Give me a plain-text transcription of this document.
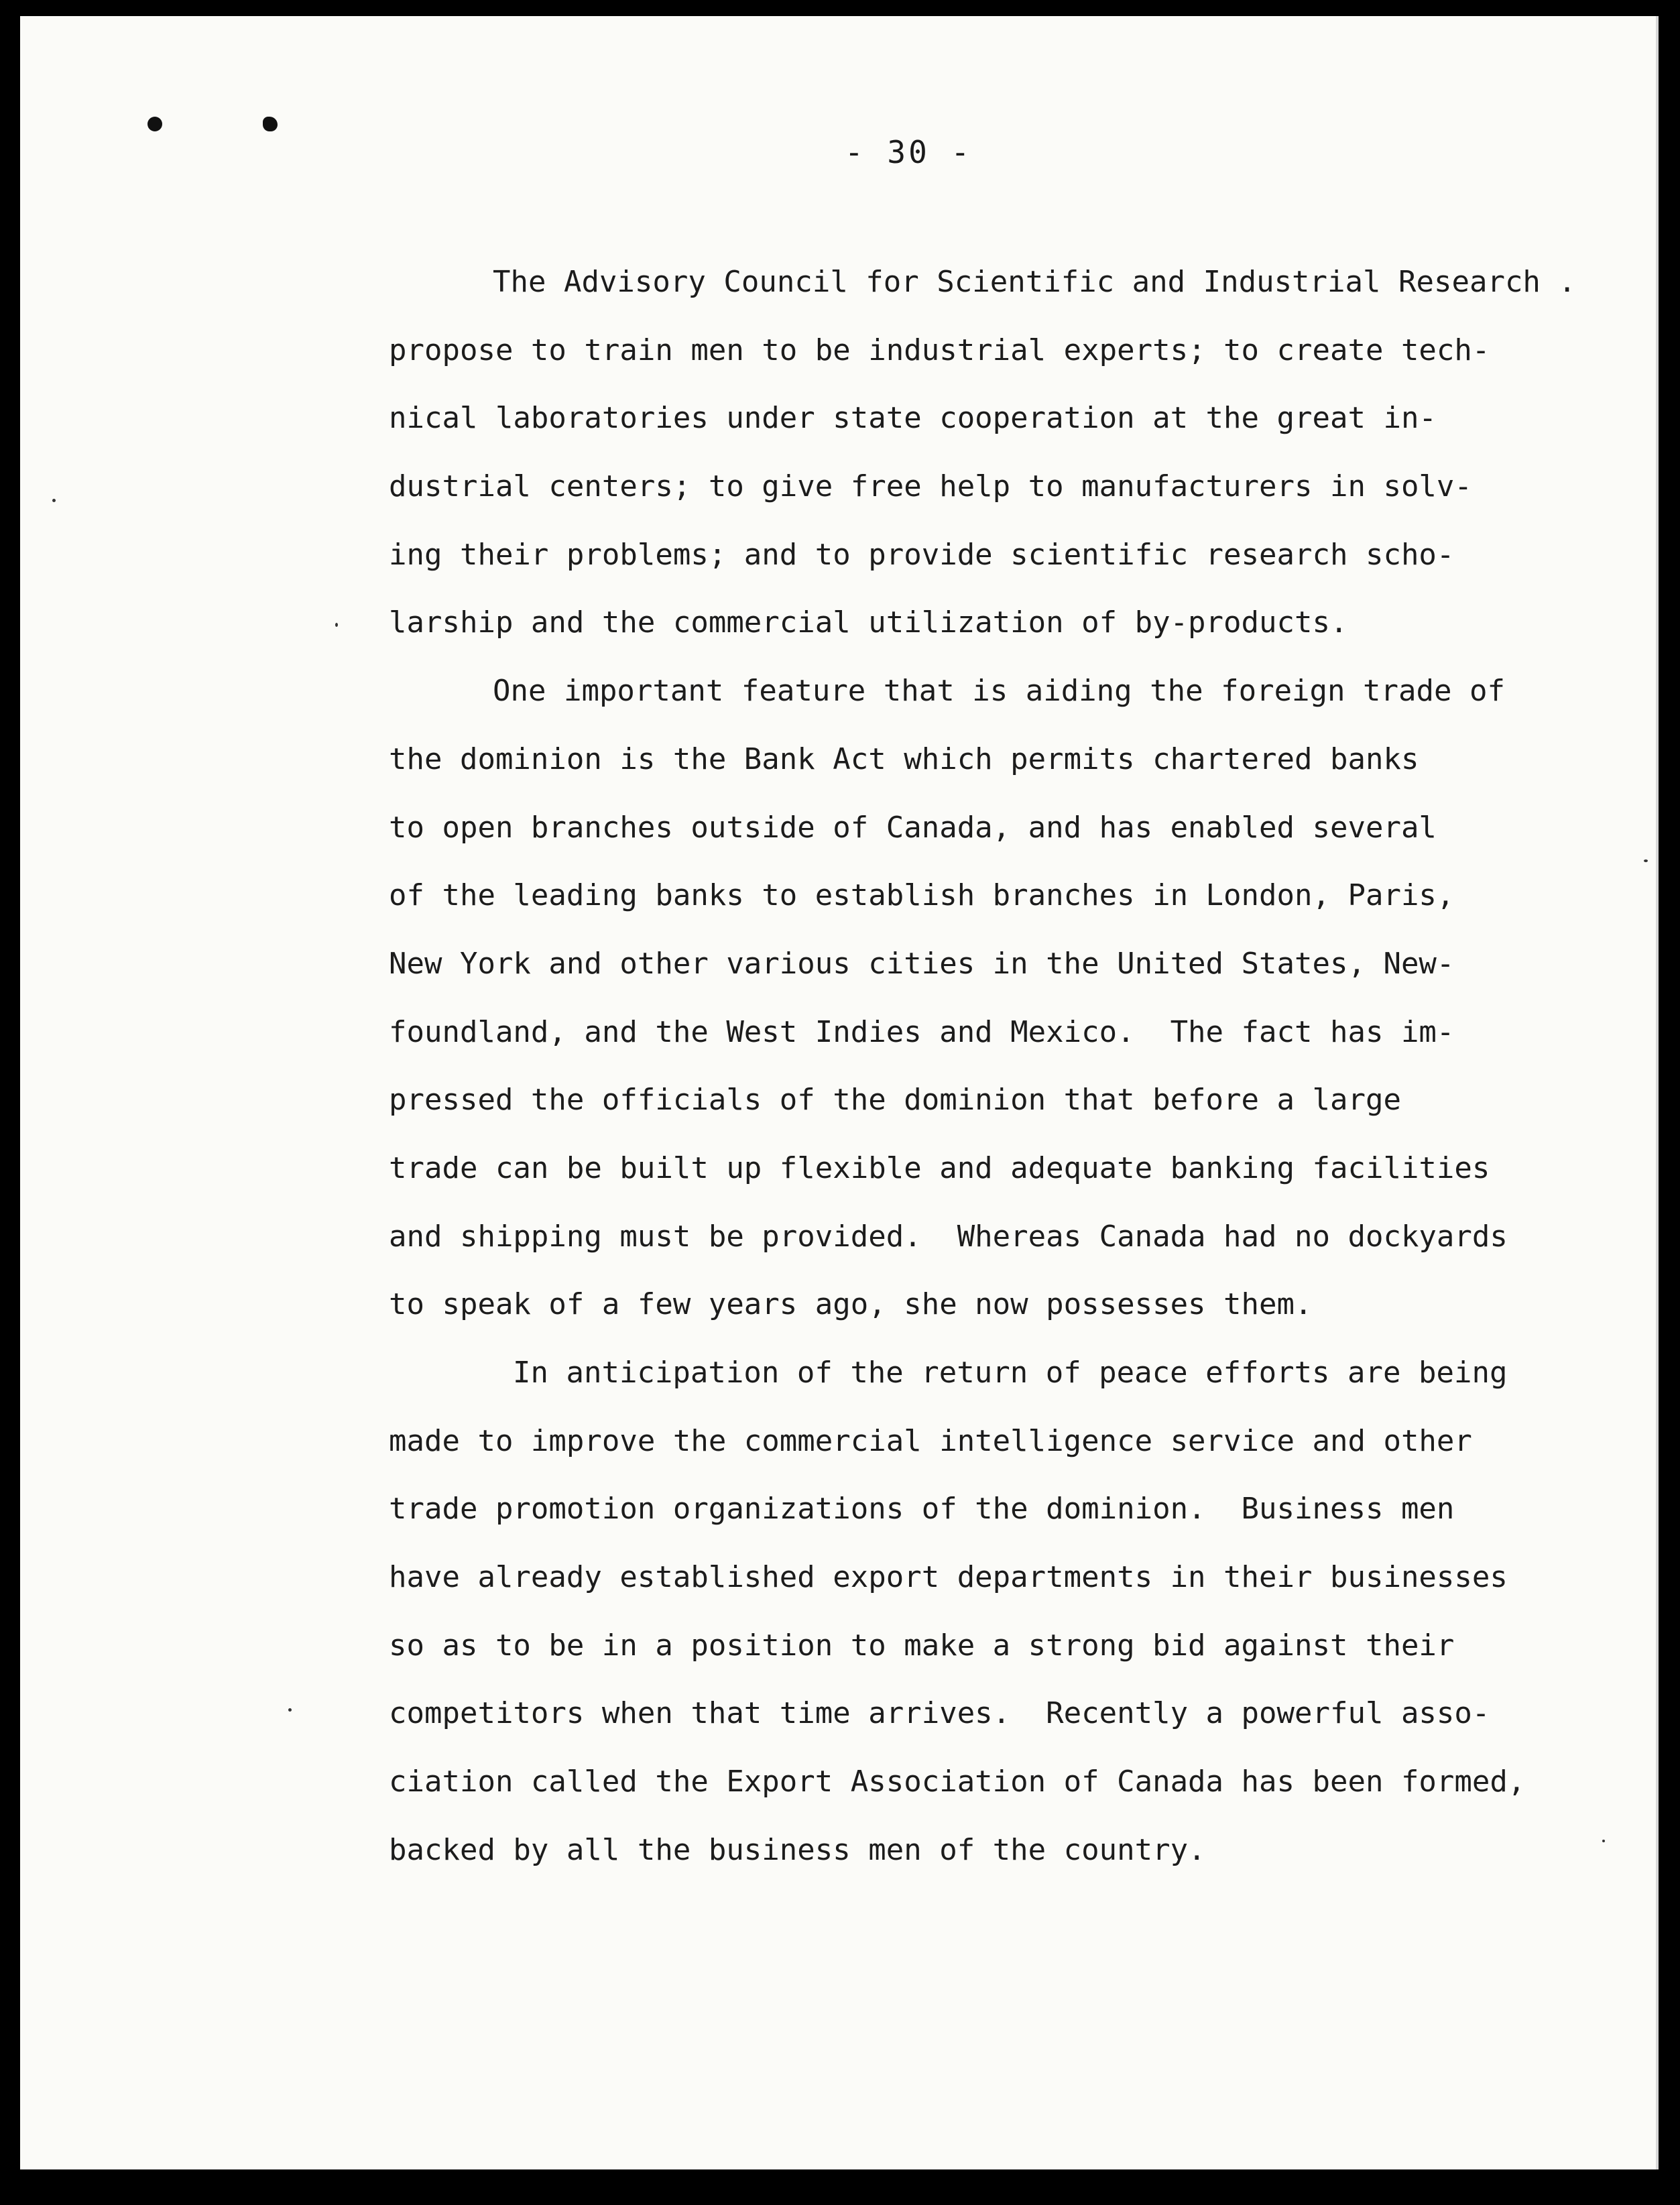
- 30 -
The Advisory Council for Scientific and Industrial Research .
propose to train men to be industrial experts; to create tech-
nical laboratories under state cooperation at the great in-
dustrial centers; to give free help to manufacturers in solv-
ing their problems; and to provide scientific research scho-
larship and the commercial utilization of by-products.
One important feature that is aiding the foreign trade of
the dominion is the Bank Act which permits chartered banks
to open branches outside of Canada, and has enabled several
of the leading banks to establish branches in London, Paris,
New York and other various cities in the United States, New-
foundland, and the West Indies and Mexico.  The fact has im-
pressed the officials of the dominion that before a large
trade can be built up flexible and adequate banking facilities
and shipping must be provided.  Whereas Canada had no dockyards
to speak of a few years ago, she now possesses them.
In anticipation of the return of peace efforts are being
made to improve the commercial intelligence service and other
trade promotion organizations of the dominion.  Business men
have already established export departments in their businesses
so as to be in a position to make a strong bid against their
competitors when that time arrives.  Recently a powerful asso-
ciation called the Export Association of Canada has been formed,
backed by all the business men of the country.
